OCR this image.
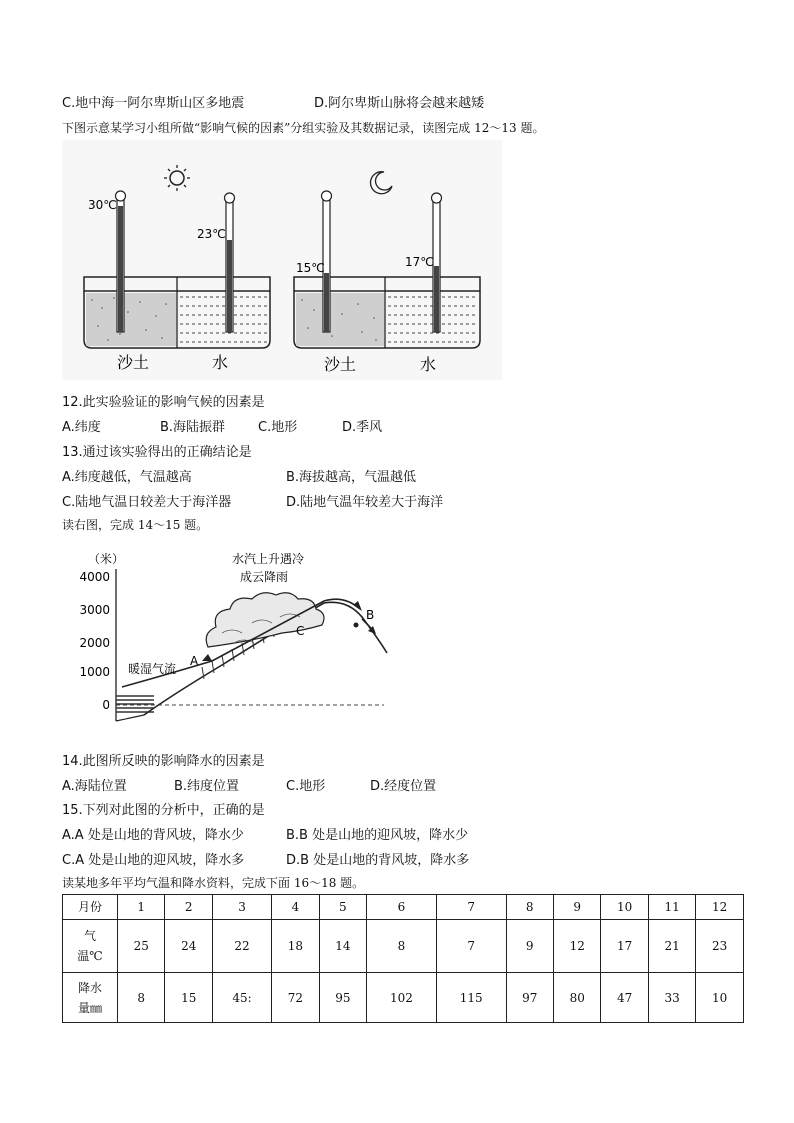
C.地中海一阿尔卑斯山区多地震	D.阿尔卑斯山脉将会越来越矮
下图示意某学习小组所做“影响气候的因素”分组实验及其数据记录，读图完成 12～13 题。
30℃
23℃
沙土	水
15℃	17℃
沙土	水
12.此实验验证的影响气候的因素是
A.纬度	B.海陆振群	C.地形	D.季风
13.通过该实验得出的正确结论是
A.纬度越低，气温越高	B.海拔越高，气温越低
C.陆地气温日较差大于海洋器	D.陆地气温年较差大于海洋
读右图，完成 14～15 题。
（米）
4000
3000
2000
1000
0
水汽上升遇冷
成云降雨
暖湿气流
A
B
C
14.此图所反映的影响降水的因素是
A.海陆位置	B.纬度位置	C.地形	D.经度位置
15.下列对此图的分析中，正确的是
A.A 处是山地的背风坡，降水少	B.B 处是山地的迎风坡，降水少
C.A 处是山地的迎风坡，降水多	D.B 处是山地的背风坡，降水多
读某地多年平均气温和降水资料，完成下面 16～18 题。
月份	1	2	3	4	5	6	7	8	9	10	11	12

气
温℃	25	24	22	18	14	8	7	9	12	17	21	23

降水
量㎜	8	15	45:	72	95	102	115	97	80	47	33	10
